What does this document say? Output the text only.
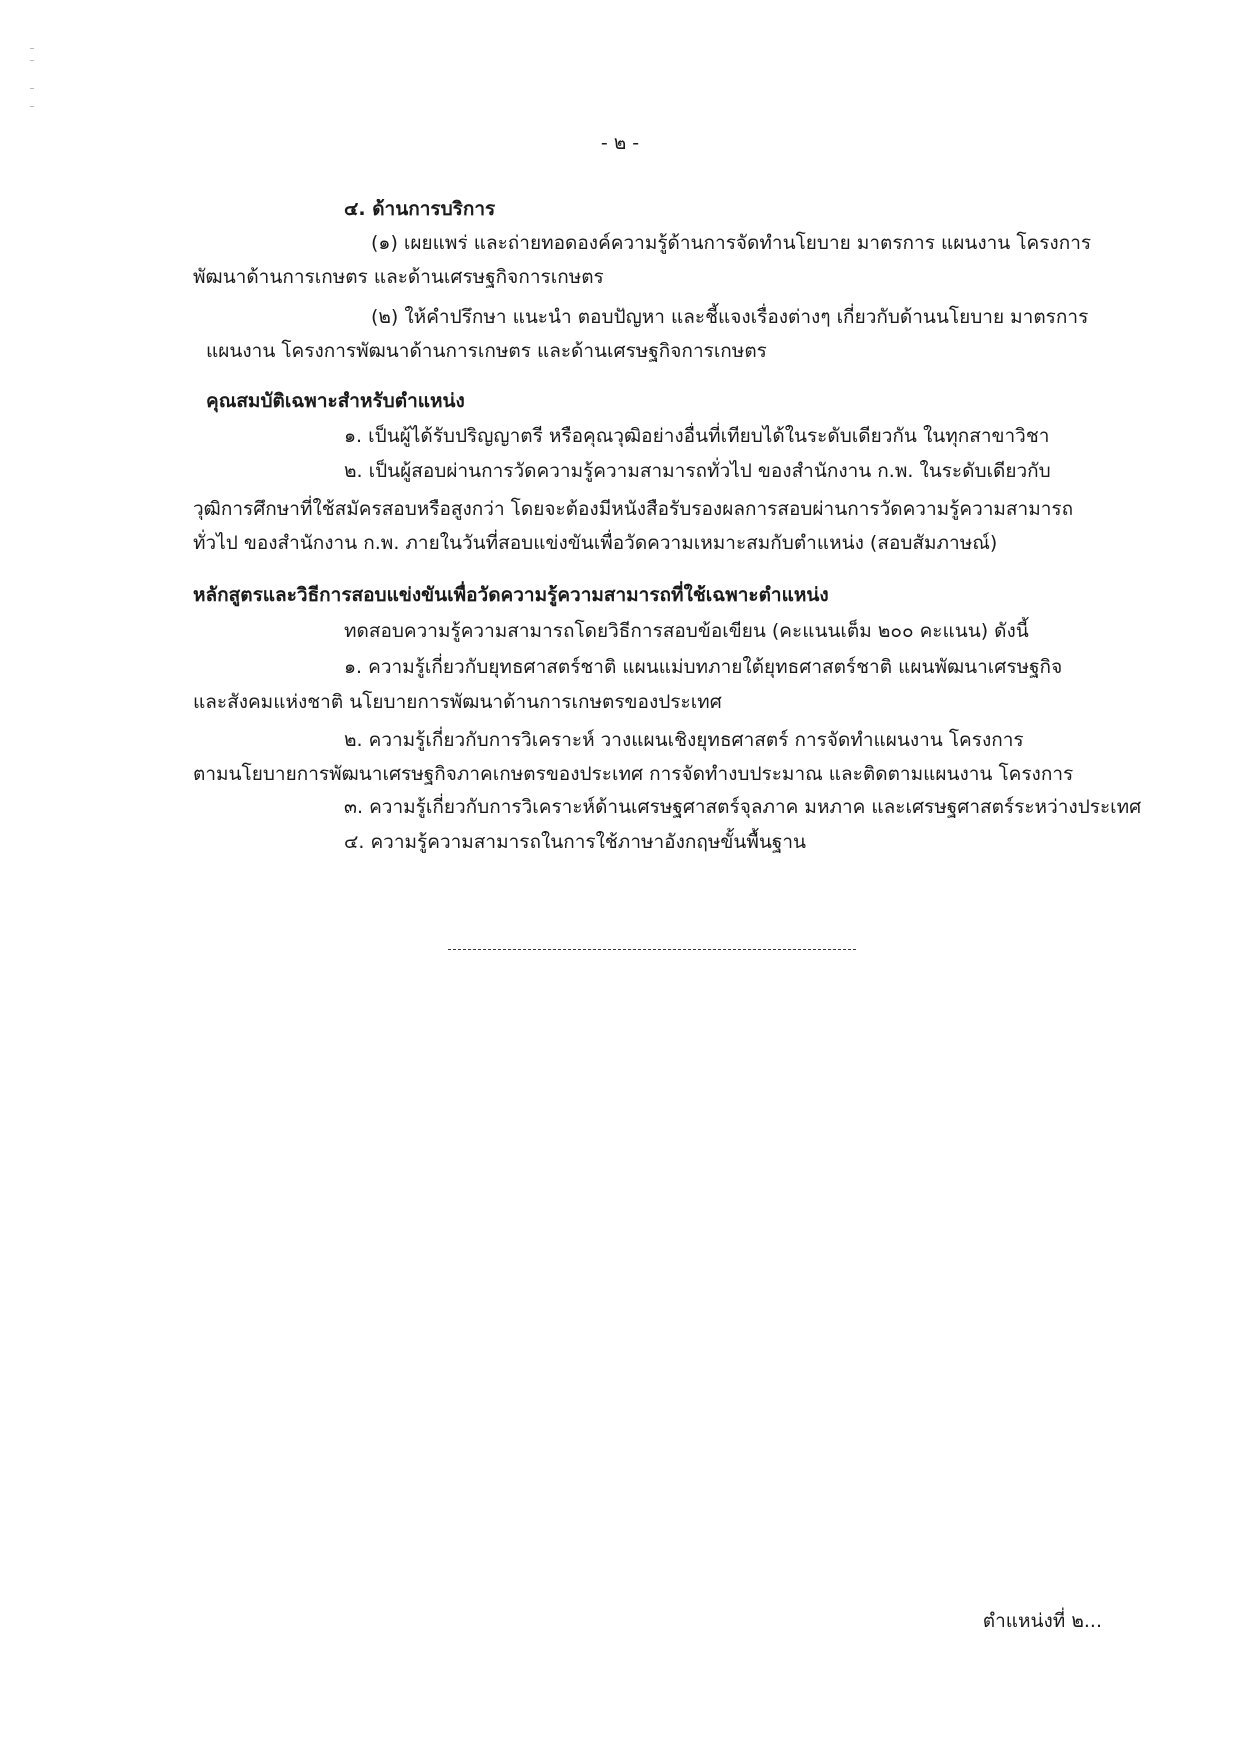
- ๒ -
๔. ด้านการบริการ
(๑) เผยแพร่ และถ่ายทอดองค์ความรู้ด้านการจัดทำนโยบาย มาตรการ แผนงาน โครงการ
พัฒนาด้านการเกษตร และด้านเศรษฐกิจการเกษตร
(๒) ให้คำปรึกษา แนะนำ ตอบปัญหา และชี้แจงเรื่องต่างๆ เกี่ยวกับด้านนโยบาย มาตรการ
แผนงาน โครงการพัฒนาด้านการเกษตร และด้านเศรษฐกิจการเกษตร
คุณสมบัติเฉพาะสำหรับตำแหน่ง
๑. เป็นผู้ได้รับปริญญาตรี หรือคุณวุฒิอย่างอื่นที่เทียบได้ในระดับเดียวกัน ในทุกสาขาวิชา
๒. เป็นผู้สอบผ่านการวัดความรู้ความสามารถทั่วไป ของสำนักงาน ก.พ. ในระดับเดียวกับ
วุฒิการศึกษาที่ใช้สมัครสอบหรือสูงกว่า โดยจะต้องมีหนังสือรับรองผลการสอบผ่านการวัดความรู้ความสามารถ
ทั่วไป ของสำนักงาน ก.พ. ภายในวันที่สอบแข่งขันเพื่อวัดความเหมาะสมกับตำแหน่ง (สอบสัมภาษณ์)
หลักสูตรและวิธีการสอบแข่งขันเพื่อวัดความรู้ความสามารถที่ใช้เฉพาะตำแหน่ง
ทดสอบความรู้ความสามารถโดยวิธีการสอบข้อเขียน (คะแนนเต็ม ๒๐๐ คะแนน) ดังนี้
๑. ความรู้เกี่ยวกับยุทธศาสตร์ชาติ แผนแม่บทภายใต้ยุทธศาสตร์ชาติ แผนพัฒนาเศรษฐกิจ
และสังคมแห่งชาติ นโยบายการพัฒนาด้านการเกษตรของประเทศ
๒. ความรู้เกี่ยวกับการวิเคราะห์ วางแผนเชิงยุทธศาสตร์ การจัดทำแผนงาน โครงการ
ตามนโยบายการพัฒนาเศรษฐกิจภาคเกษตรของประเทศ การจัดทำงบประมาณ และติดตามแผนงาน โครงการ
๓. ความรู้เกี่ยวกับการวิเคราะห์ด้านเศรษฐศาสตร์จุลภาค มหภาค และเศรษฐศาสตร์ระหว่างประเทศ
๔. ความรู้ความสามารถในการใช้ภาษาอังกฤษขั้นพื้นฐาน
ตำแหน่งที่ ๒...
